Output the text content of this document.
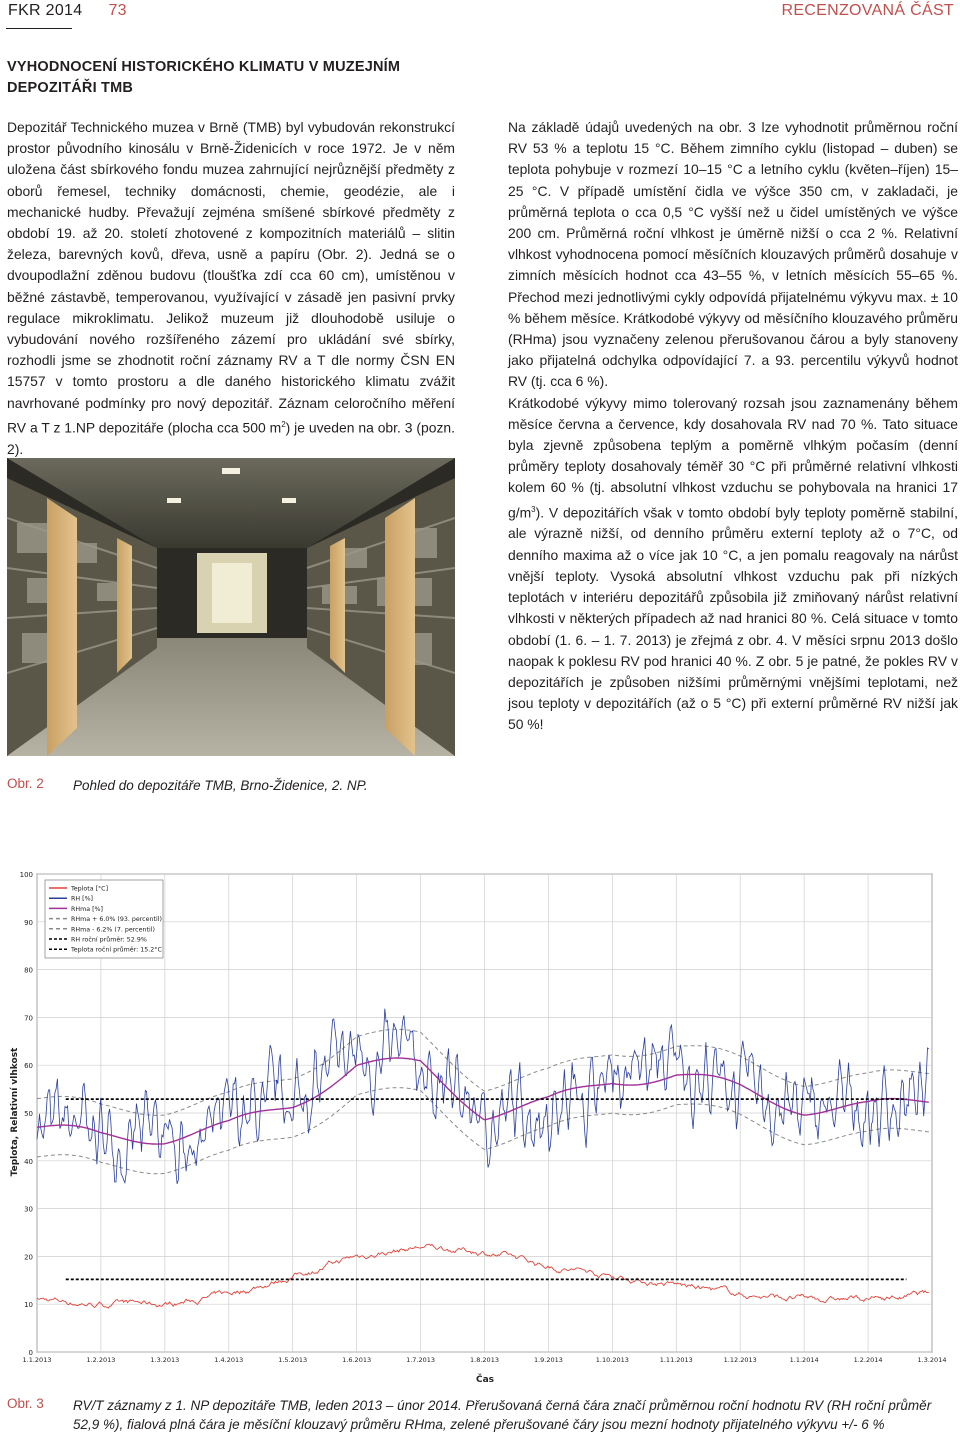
FKR 2014 73	RECENZOVANÁ ČÁST
VYHODNOCENÍ HISTORICKÉHO KLIMATU V MUZEJNÍM DEPOZITÁŘI TMB

Depozitář Technického muzea v Brně (TMB) byl vybudován rekonstrukcí prostor původního kinosálu v Brně-Židenicích v roce 1972. Je v něm uložena část sbírkového fondu muzea zahrnující nejrůznější předměty z oborů řemesel, techniky domácnosti, chemie, geodézie, ale i mechanické hudby. Převažují zejména smíšené sbírkové předměty z období 19. až 20. století zhotovené z kompozitních materiálů – slitin železa, barevných kovů, dřeva, usně a papíru (Obr. 2). Jedná se o dvoupodlažní zděnou budovu (tloušťka zdí cca 60 cm), umístěnou v běžné zástavbě, temperovanou, využívající v zásadě jen pasivní prvky regulace mikroklimatu. Jelikož muzeum již dlouhodobě usiluje o vybudování nového rozšířeného zázemí pro ukládání své sbírky, rozhodli jsme se zhodnotit roční záznamy RV a T dle normy ČSN EN 15757 v tomto prostoru a dle daného historického klimatu zvážit navrhované podmínky pro nový depozitář. Záznam celoročního měření RV a T z 1.NP depozitáře (plocha cca 500 $m^2$) je uveden na obr. 3 (pozn. 2).

Na základě údajů uvedených na obr. 3 lze vyhodnotit průměrnou roční RV 53 % a teplotu 15 °C. Během zimního cyklu (listopad – duben) se teplota pohybuje v rozmezí 10–15 °C a letního cyklu (květen–říjen) 15–25 °C. V případě umístění čidla ve výšce 350 cm, v zakladači, je průměrná teplota o cca 0,5 °C vyšší než u čidel umístěných ve výšce 200 cm. Průměrná roční vlhkost je úměrně nižší o cca 2 %. Relativní vlhkost vyhodnocena pomocí měsíčních klouzavých průměrů dosahuje v zimních měsících hodnot cca 43–55 %, v letních měsících 55–65 %. Přechod mezi jednotlivými cykly odpovídá přijatelnému výkyvu max. ± 10 % během měsíce. Krátkodobé výkyvy od měsíčního klouzavého průměru (RHma) jsou vyznačeny zelenou přerušovanou čárou a byly stanoveny jako přijatelná odchylka odpovídající 7. a 93. percentilu výkyvů hodnot RV (tj. cca 6 %).

Krátkodobé výkyvy mimo tolerovaný rozsah jsou zaznamenány během měsíce června a července, kdy dosahovala RV nad 70 %. Tato situace byla zjevně způsobena teplým a poměrně vlhkým počasím (denní průměry teploty dosahovaly téměř 30 °C při průměrné relativní vlhkosti kolem 60 % (tj. absolutní vlhkost vzduchu se pohybovala na hranici 17 $g/m^3$). V depozitářích však v tomto období byly teploty poměrně stabilní, ale výrazně nižší, od denního průměru externí teploty až o 7°C, od denního maxima až o více jak 10 °C, a jen pomalu reagovaly na nárůst vnější teploty. Vysoká absolutní vlhkost vzduchu pak při nízkých teplotách v interiéru depozitářů způsobila již zmiňovaný nárůst relativní vlhkosti v některých případech až nad hranici 80 %. Celá situace v tomto období (1. 6. – 1. 7. 2013) je zřejmá z obr. 4. V měsíci srpnu 2013 došlo naopak k poklesu RV pod hranici 40 %. Z obr. 5 je patné, že pokles RV v depozitářích je způsoben nižšími průměrnými vnějšími teplotami, než jsou teploty v depozitářích (až o 5 °C) při externí průměrné RV nižší jak 50 %!

Obr. 2 Pohled do depozitáře TMB, Brno-Židenice, 2. NP.
0
10
20
30
40
50
60
70
80
90
100
1.1.2013	1.2.2013	1.3.2013	1.4.2013	1.5.2013	1.6.2013	1.7.2013	1.8.2013	1.9.2013	1.10.2013	1.11.2013	1.12.2013	1.1.2014	1.2.2014	1.3.2014
Teplota, Relativní vlhkost
Čas
Teplota [°C]
RH [%]
RHma [%]
RHma + 6.0% (93. percentil)
RHma - 6.2% (7. percentil)
RH roční průměr: 52.9%
Teplota roční průměr: 15.2°C
Obr. 3 RV/T záznamy z 1. NP depozitáře TMB, leden 2013 – únor 2014. Přerušovaná černá čára značí průměrnou roční hodnotu RV (RH roční průměr 52,9 %), fialová plná čára je měsíční klouzavý průměru RHma, zelené přerušované čáry jsou mezní hodnoty přijatelného výkyvu +/- 6 %
